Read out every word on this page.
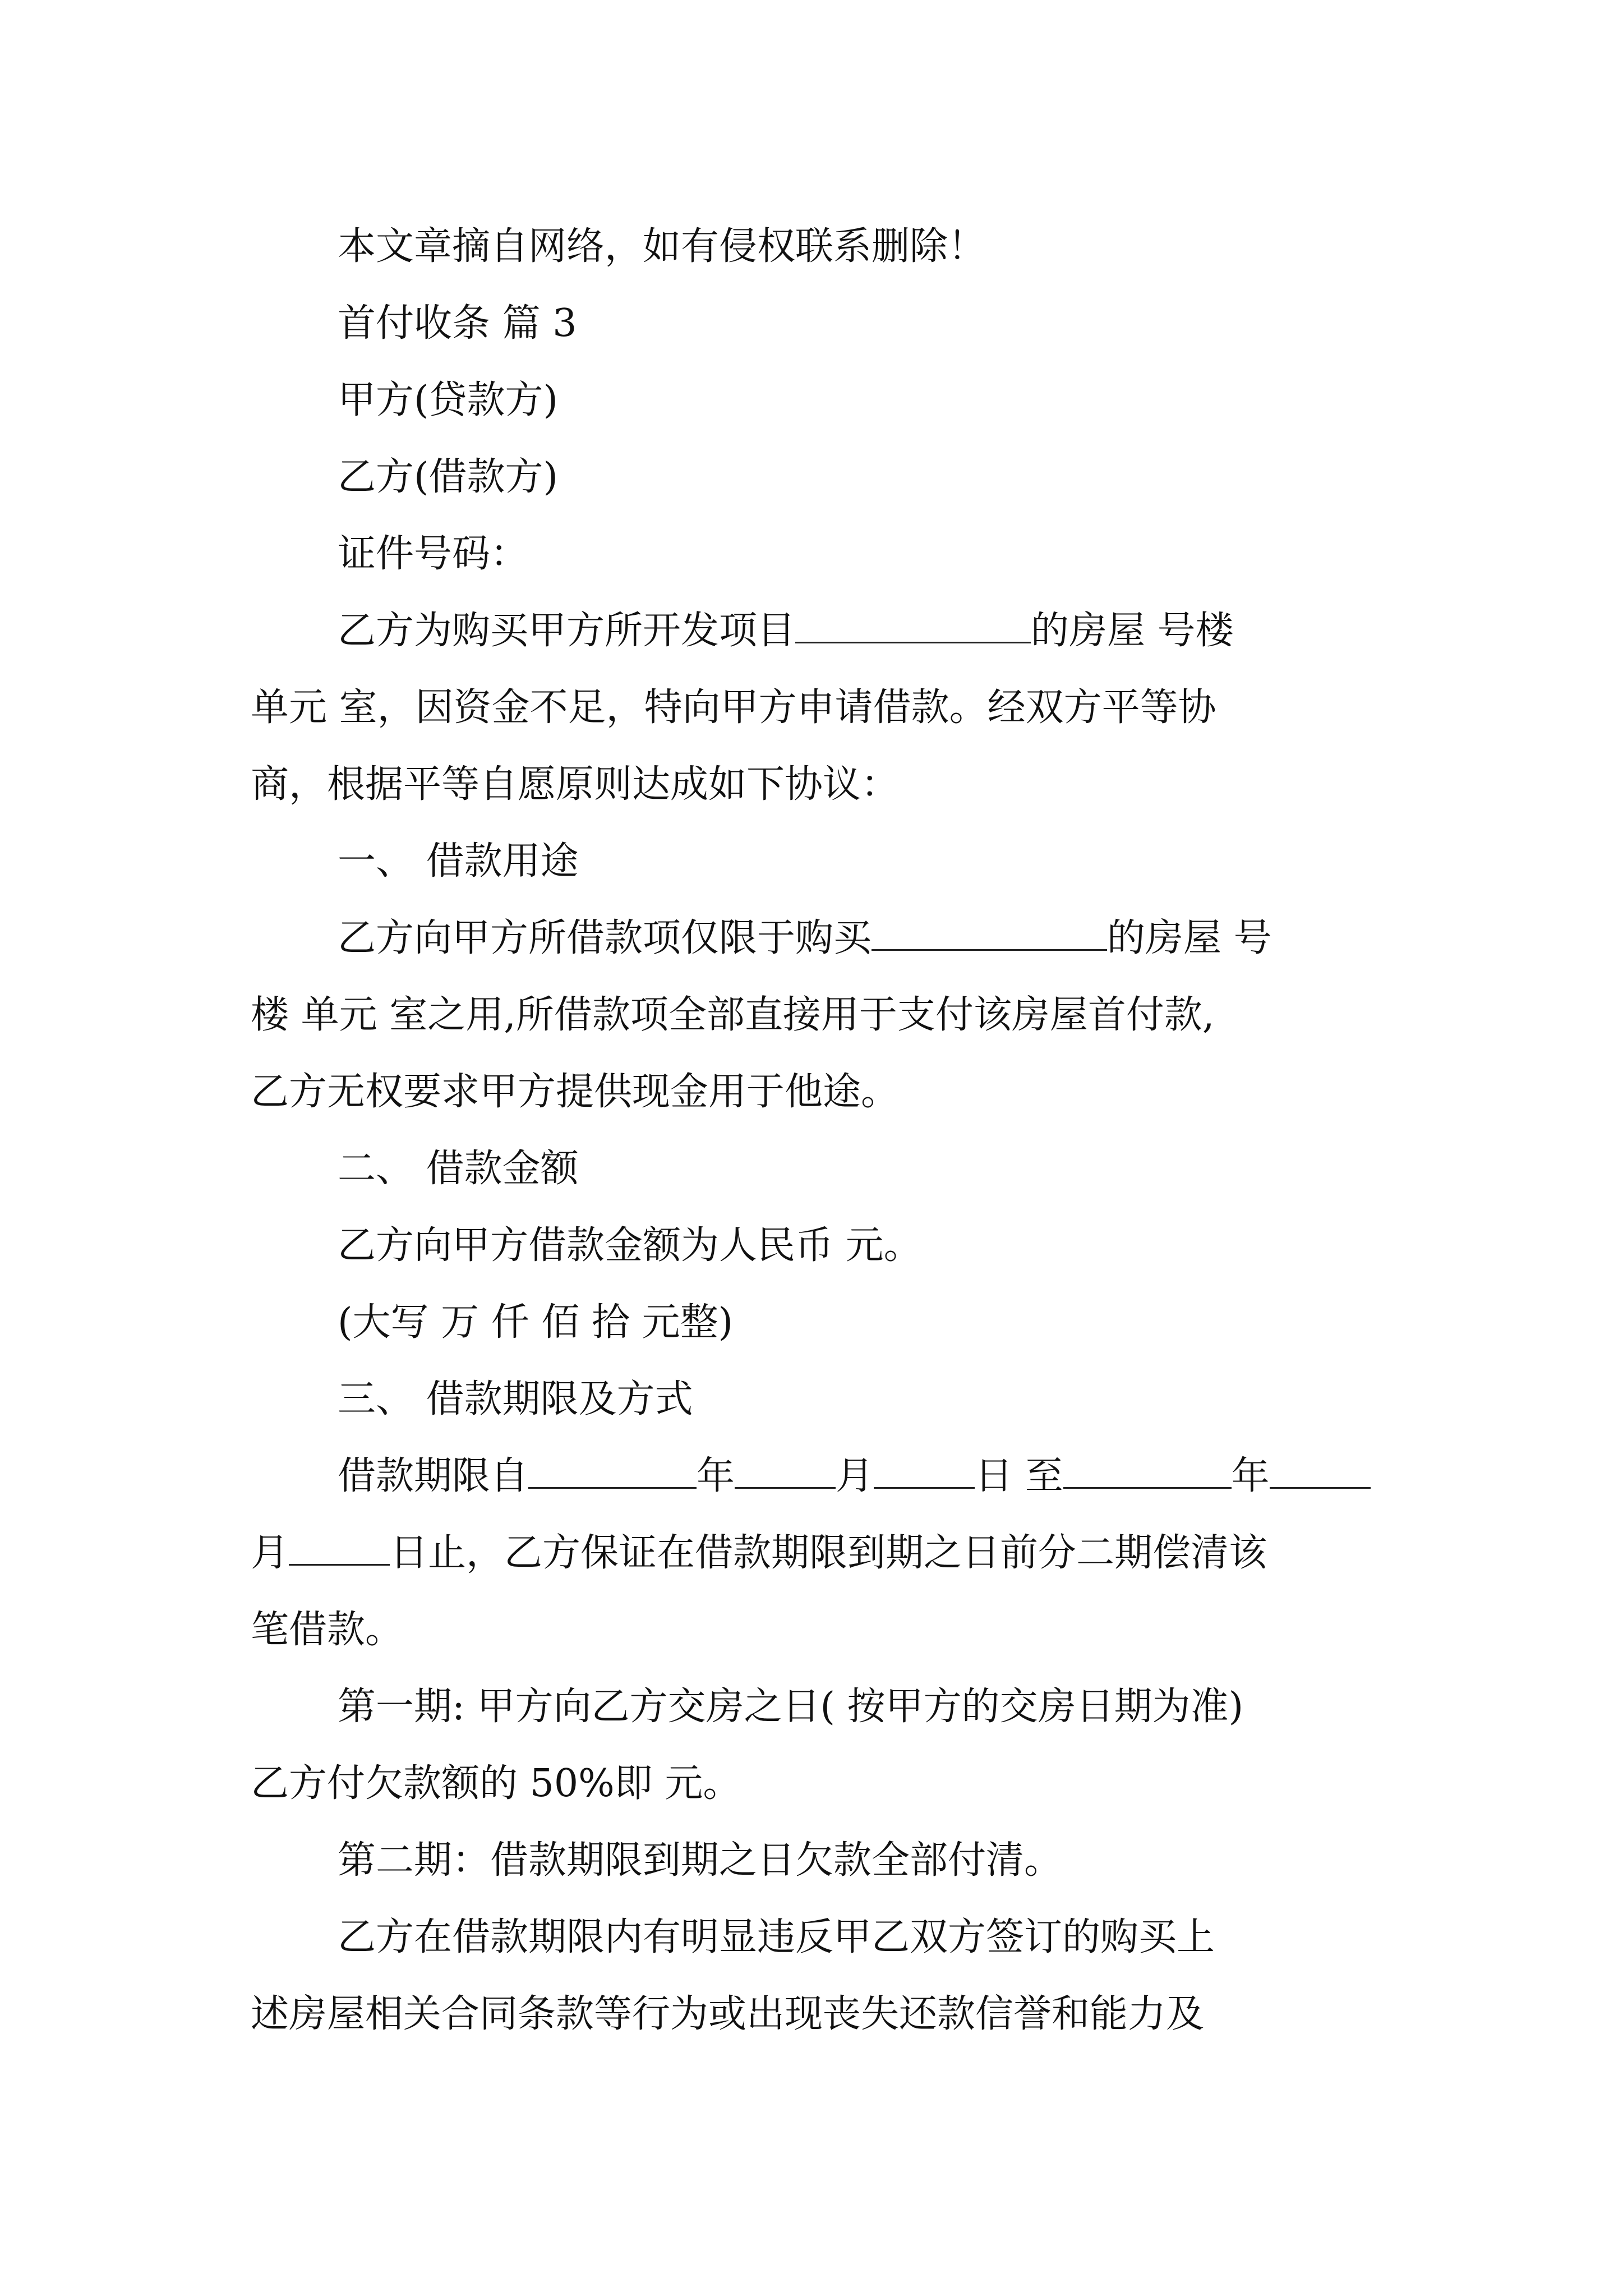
本文章摘自网络，如有侵权联系删除！
首付收条 篇 3
甲方(贷款方)
乙方(借款方)
证件号码：
乙方为购买甲方所开发项目	的房屋 号楼
单元 室，因资金不足，特向甲方申请借款。经双方平等协
商，根据平等自愿原则达成如下协议：
一、 借款用途
乙方向甲方所借款项仅限于购买	的房屋 号
楼 单元 室之用,所借款项全部直接用于支付该房屋首付款,
乙方无权要求甲方提供现金用于他途。
二、 借款金额
乙方向甲方借款金额为人民币 元。
(大写 万 仟 佰 拾 元整)
三、 借款期限及方式
借款期限自	年	月	日 至	年
月	日止，乙方保证在借款期限到期之日前分二期偿清该
笔借款。
第一期: 甲方向乙方交房之日( 按甲方的交房日期为准)
乙方付欠款额的 50%即 元。
第二期：借款期限到期之日欠款全部付清。
乙方在借款期限内有明显违反甲乙双方签订的购买上
述房屋相关合同条款等行为或出现丧失还款信誉和能力及
